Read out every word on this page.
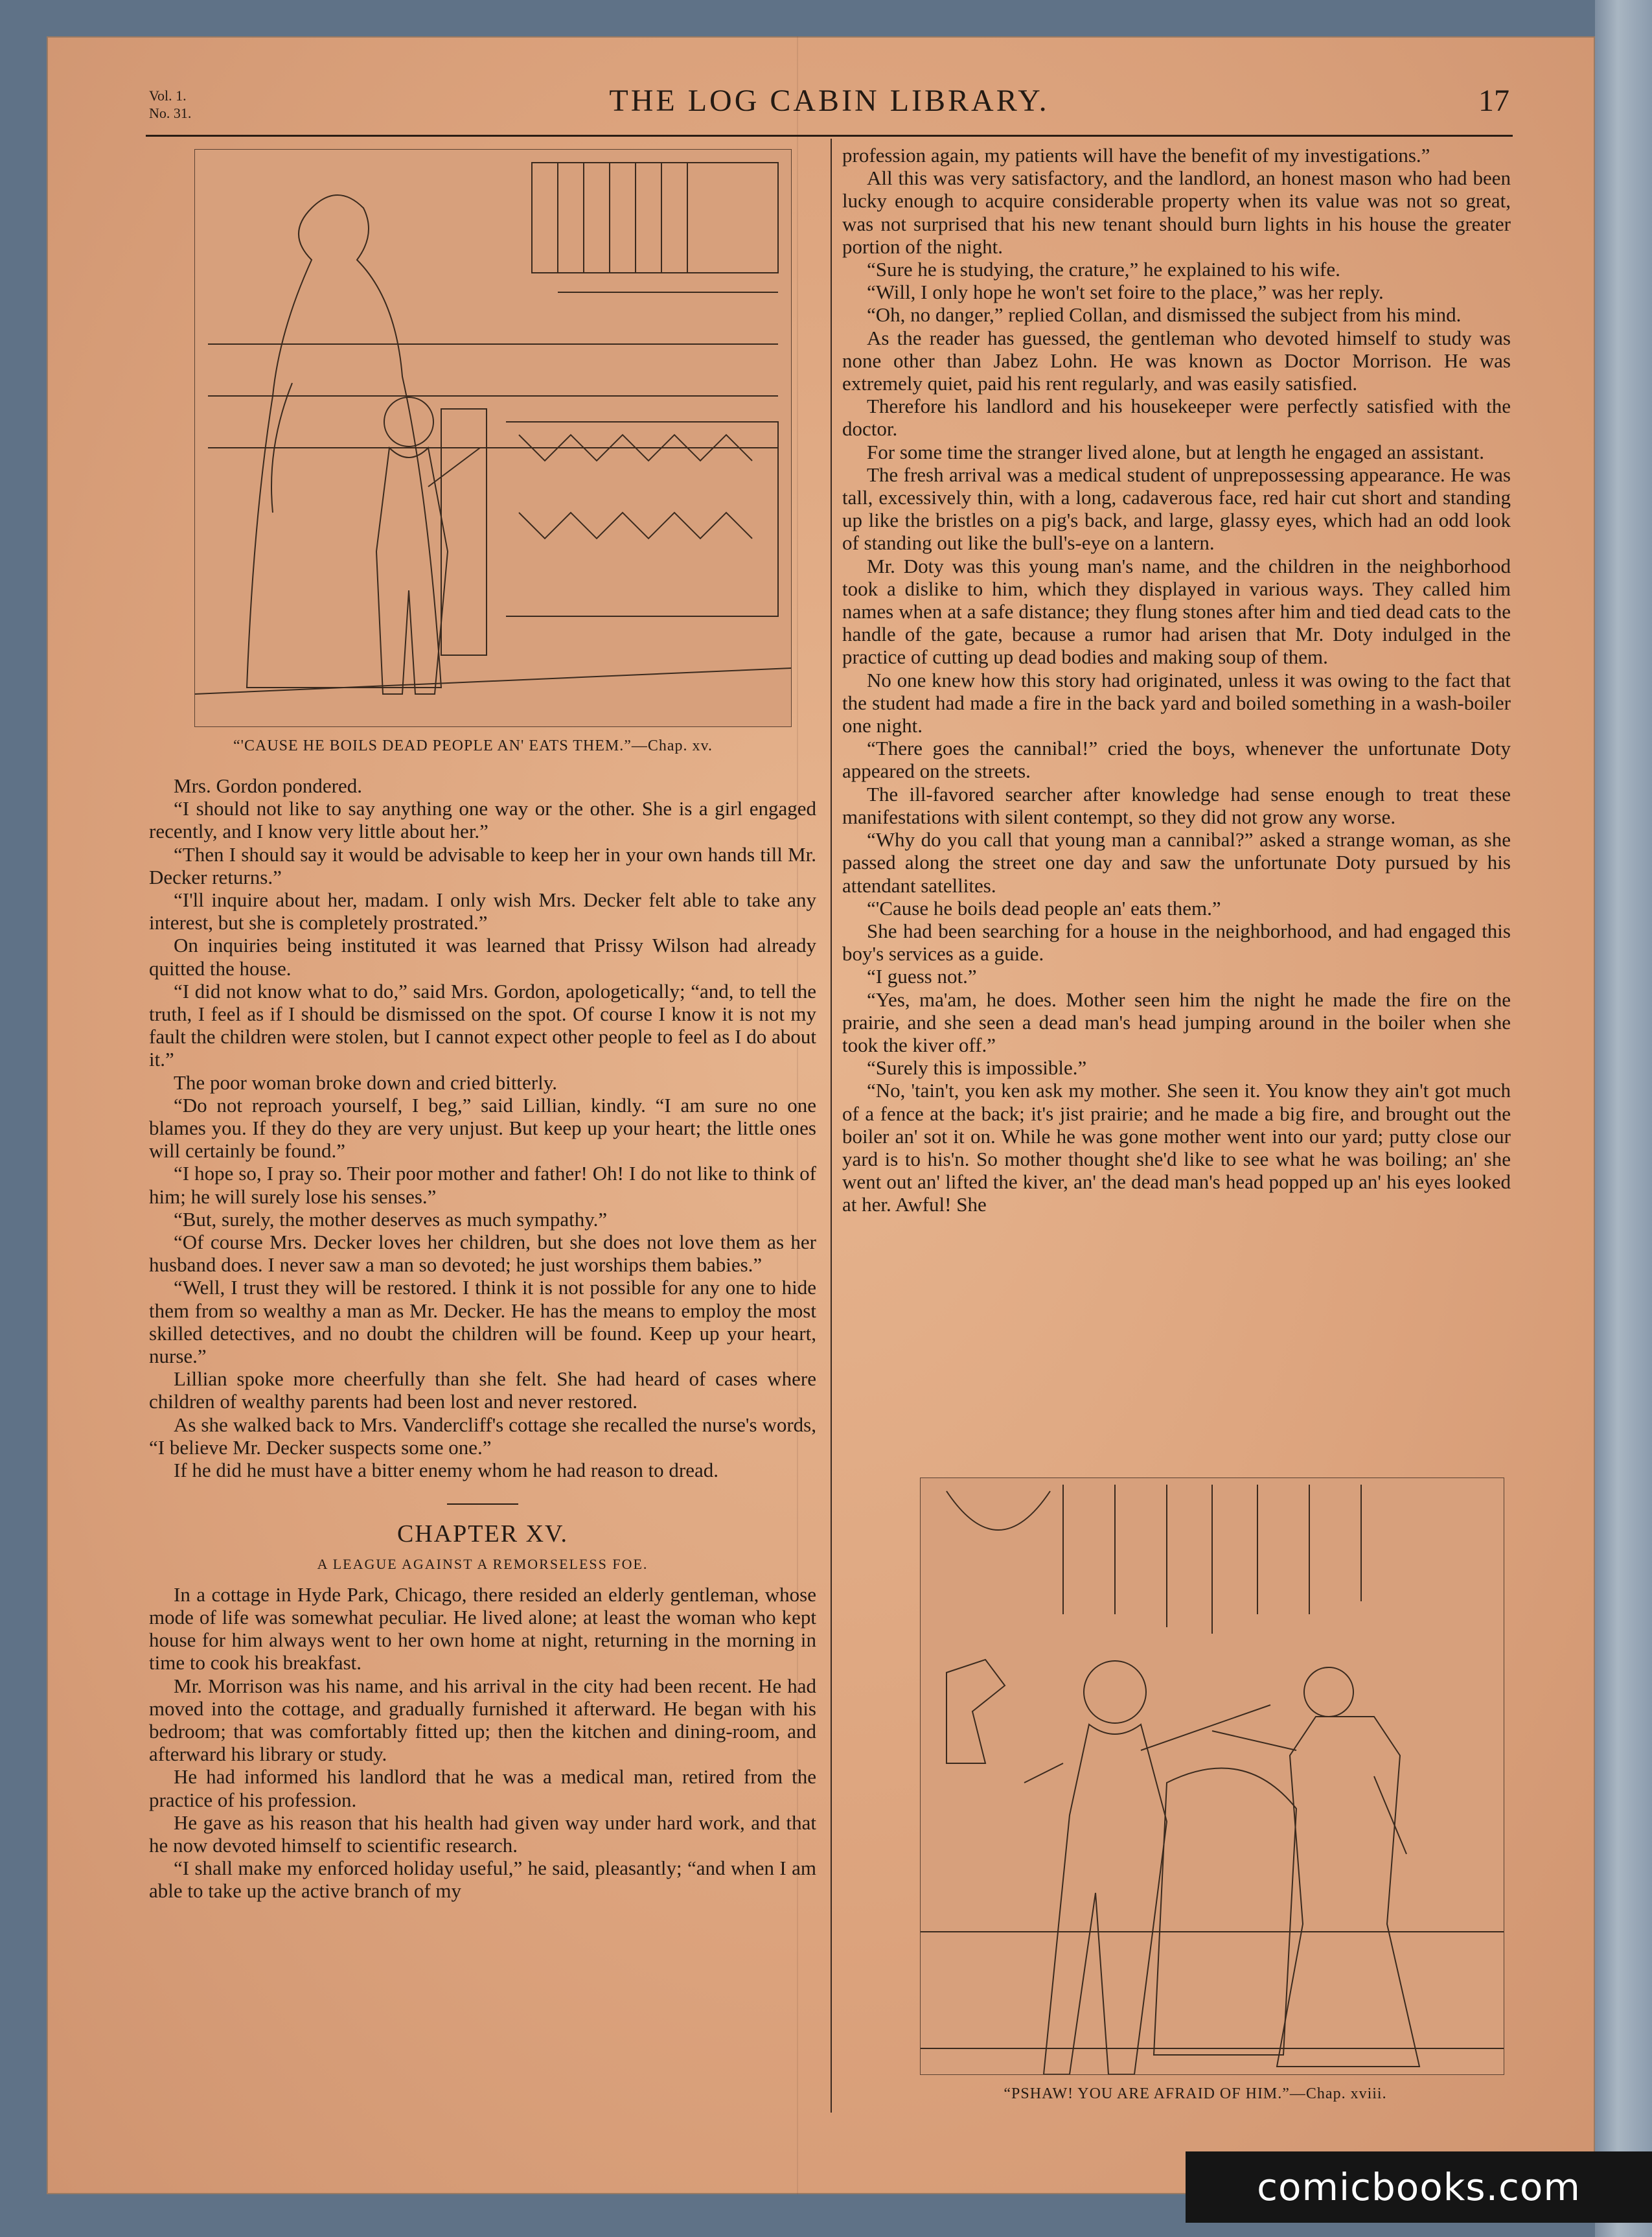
Vol. 1.
No. 31.	THE LOG CABIN LIBRARY.	17
“'CAUSE HE BOILS DEAD PEOPLE AN' EATS THEM.”—Chap. xv.

Mrs. Gordon pondered.

“I should not like to say anything one way or the other. She is a girl engaged recently, and I know very little about her.”

“Then I should say it would be advisable to keep her in your own hands till Mr. Decker returns.”

“I'll inquire about her, madam. I only wish Mrs. Decker felt able to take any interest, but she is completely prostrated.”

On inquiries being instituted it was learned that Prissy Wilson had already quitted the house.

“I did not know what to do,” said Mrs. Gordon, apologetically; “and, to tell the truth, I feel as if I should be dismissed on the spot. Of course I know it is not my fault the children were stolen, but I cannot expect other people to feel as I do about it.”

The poor woman broke down and cried bitterly.

“Do not reproach yourself, I beg,” said Lillian, kindly. “I am sure no one blames you. If they do they are very unjust. But keep up your heart; the little ones will certainly be found.”

“I hope so, I pray so. Their poor mother and father! Oh! I do not like to think of him; he will surely lose his senses.”

“But, surely, the mother deserves as much sympathy.”

“Of course Mrs. Decker loves her children, but she does not love them as her husband does. I never saw a man so devoted; he just worships them babies.”

“Well, I trust they will be restored. I think it is not possible for any one to hide them from so wealthy a man as Mr. Decker. He has the means to employ the most skilled detectives, and no doubt the children will be found. Keep up your heart, nurse.”

Lillian spoke more cheerfully than she felt. She had heard of cases where children of wealthy parents had been lost and never restored.

As she walked back to Mrs. Vandercliff's cottage she recalled the nurse's words, “I believe Mr. Decker suspects some one.”

If he did he must have a bitter enemy whom he had reason to dread.

CHAPTER XV.

A LEAGUE AGAINST A REMORSELESS FOE.

In a cottage in Hyde Park, Chicago, there resided an elderly gentleman, whose mode of life was somewhat peculiar. He lived alone; at least the woman who kept house for him always went to her own home at night, returning in the morning in time to cook his breakfast.

Mr. Morrison was his name, and his arrival in the city had been recent. He had moved into the cottage, and gradually furnished it afterward. He began with his bedroom; that was comfortably fitted up; then the kitchen and dining-room, and afterward his library or study.

He had informed his landlord that he was a medical man, retired from the practice of his profession.

He gave as his reason that his health had given way under hard work, and that he now devoted himself to scientific research.

“I shall make my enforced holiday useful,” he said, pleasantly; “and when I am able to take up the active branch of my

profession again, my patients will have the benefit of my investigations.”

All this was very satisfactory, and the landlord, an honest mason who had been lucky enough to acquire considerable property when its value was not so great, was not surprised that his new tenant should burn lights in his house the greater portion of the night.

“Sure he is studying, the crature,” he explained to his wife.

“Will, I only hope he won't set foire to the place,” was her reply.

“Oh, no danger,” replied Collan, and dismissed the subject from his mind.

As the reader has guessed, the gentleman who devoted himself to study was none other than Jabez Lohn. He was known as Doctor Morrison. He was extremely quiet, paid his rent regularly, and was easily satisfied.

Therefore his landlord and his housekeeper were perfectly satisfied with the doctor.

For some time the stranger lived alone, but at length he engaged an assistant.

The fresh arrival was a medical student of unprepossessing appearance. He was tall, excessively thin, with a long, cadaverous face, red hair cut short and standing up like the bristles on a pig's back, and large, glassy eyes, which had an odd look of standing out like the bull's-eye on a lantern.

Mr. Doty was this young man's name, and the children in the neighborhood took a dislike to him, which they displayed in various ways. They called him names when at a safe distance; they flung stones after him and tied dead cats to the handle of the gate, because a rumor had arisen that Mr. Doty indulged in the practice of cutting up dead bodies and making soup of them.

No one knew how this story had originated, unless it was owing to the fact that the student had made a fire in the back yard and boiled something in a wash-boiler one night.

“There goes the cannibal!” cried the boys, whenever the unfortunate Doty appeared on the streets.

The ill-favored searcher after knowledge had sense enough to treat these manifestations with silent contempt, so they did not grow any worse.

“Why do you call that young man a cannibal?” asked a strange woman, as she passed along the street one day and saw the unfortunate Doty pursued by his attendant satellites.

“'Cause he boils dead people an' eats them.”

She had been searching for a house in the neighborhood, and had engaged this boy's services as a guide.

“I guess not.”

“Yes, ma'am, he does. Mother seen him the night he made the fire on the prairie, and she seen a dead man's head jumping around in the boiler when she took the kiver off.”

“Surely this is impossible.”

“No, 'tain't, you ken ask my mother. She seen it. You know they ain't got much of a fence at the back; it's jist prairie; and he made a big fire, and brought out the boiler an' sot it on. While he was gone mother went into our yard; putty close our yard is to his'n. So mother thought she'd like to see what he was boiling; an' she went out an' lifted the kiver, an' the dead man's head popped up an' his eyes looked at her. Awful! She

“PSHAW! YOU ARE AFRAID OF HIM.”—Chap. xviii.
comicbooks.com
